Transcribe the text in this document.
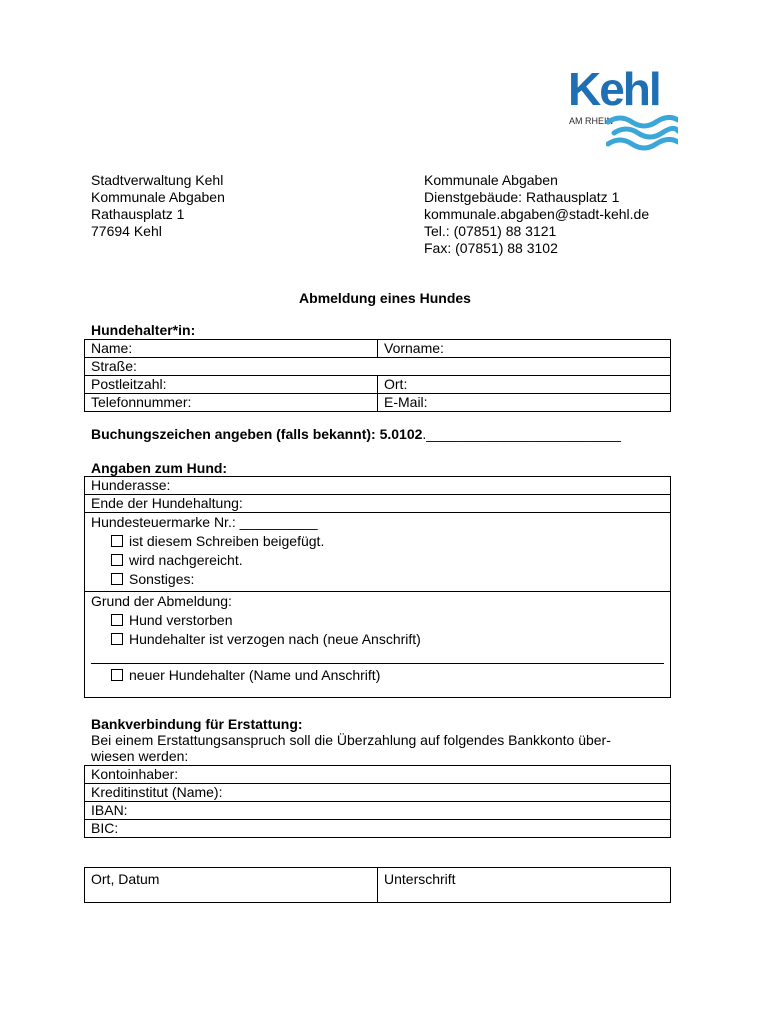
Kehl
AM RHEIN
Stadtverwaltung Kehl
Kommunale Abgaben
Rathausplatz 1
77694 Kehl
Kommunale Abgaben
Dienstgebäude: Rathausplatz 1
kommunale.abgaben@stadt-kehl.de
Tel.: (07851) 88 3121
Fax: (07851) 88 3102
Abmeldung eines Hundes
Hundehalter*in:
Name:	Vorname:
Straße:	
Postleitzahl:	Ort:
Telefonnummer:	E-Mail:
Buchungszeichen angeben (falls bekannt): 5.0102._________________________
Angaben zum Hund:
Hunderasse:
Ende der Hundehaltung:
Hundesteuermarke Nr.: __________
ist diesem Schreiben beigefügt.
wird nachgereicht.
Sonstiges:
Grund der Abmeldung:
Hund verstorben
Hundehalter ist verzogen nach (neue Anschrift)
neuer Hundehalter (Name und Anschrift)
Bankverbindung für Erstattung:
Bei einem Erstattungsanspruch soll die Überzahlung auf folgendes Bankkonto über-
wiesen werden:
Kontoinhaber:
Kreditinstitut (Name):
IBAN:
BIC:
Ort, Datum	Unterschrift
